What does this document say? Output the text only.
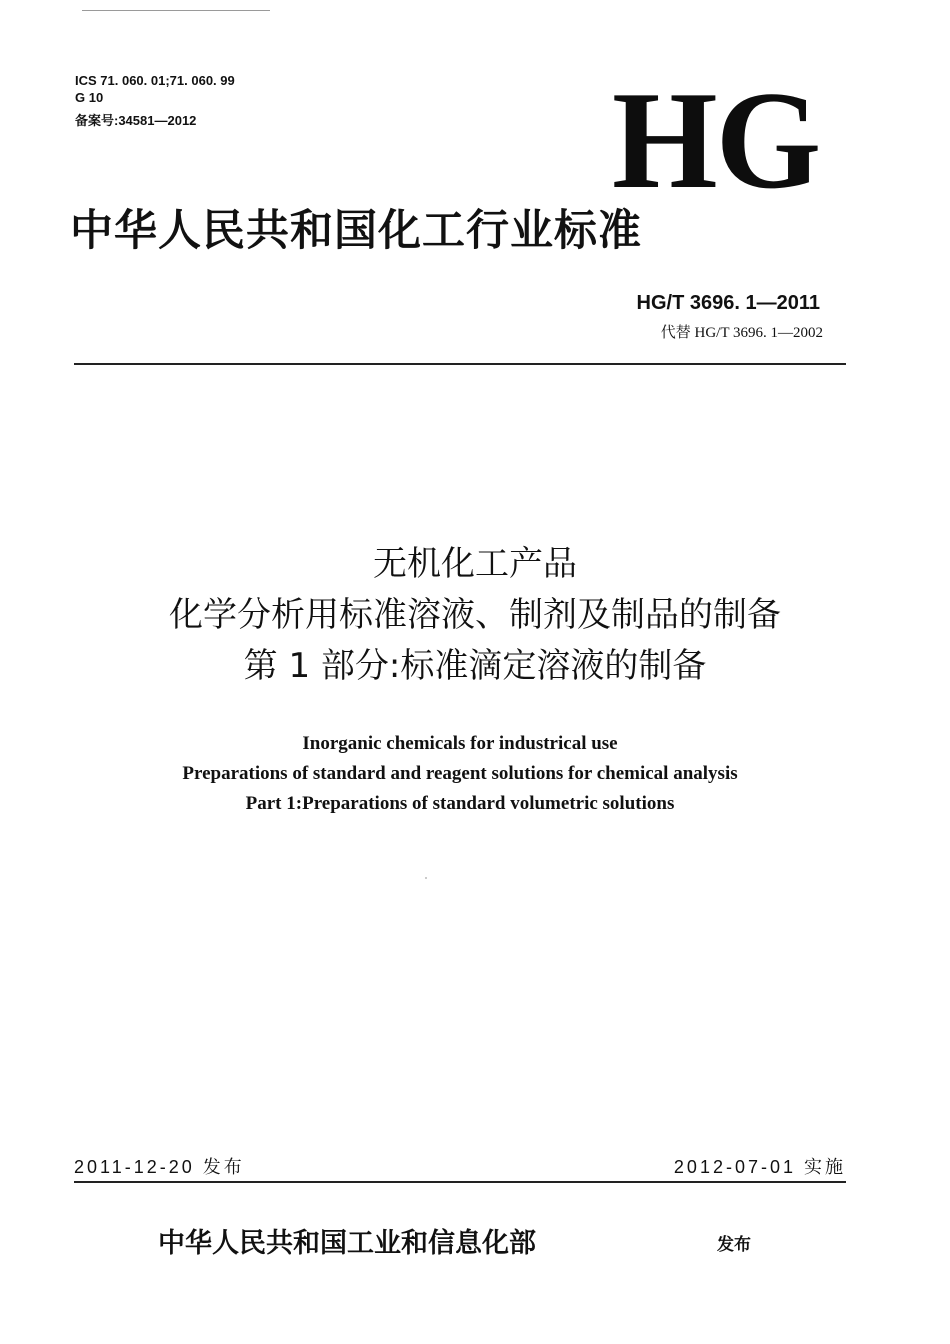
ICS 71. 060. 01;71. 060. 99
G 10
备案号:34581—2012	HG
中华人民共和国化工行业标准
HG/T 3696. 1—2011
代替 HG/T 3696. 1—2002
无机化工产品
化学分析用标准溶液、制剂及制品的制备
第 1 部分:标准滴定溶液的制备
Inorganic chemicals for industrical use
Preparations of standard and reagent solutions for chemical analysis
Part 1:Preparations of standard volumetric solutions
2011-12-20 发布	2012-07-01 实施
中华人民共和国工业和信息化部	发布
